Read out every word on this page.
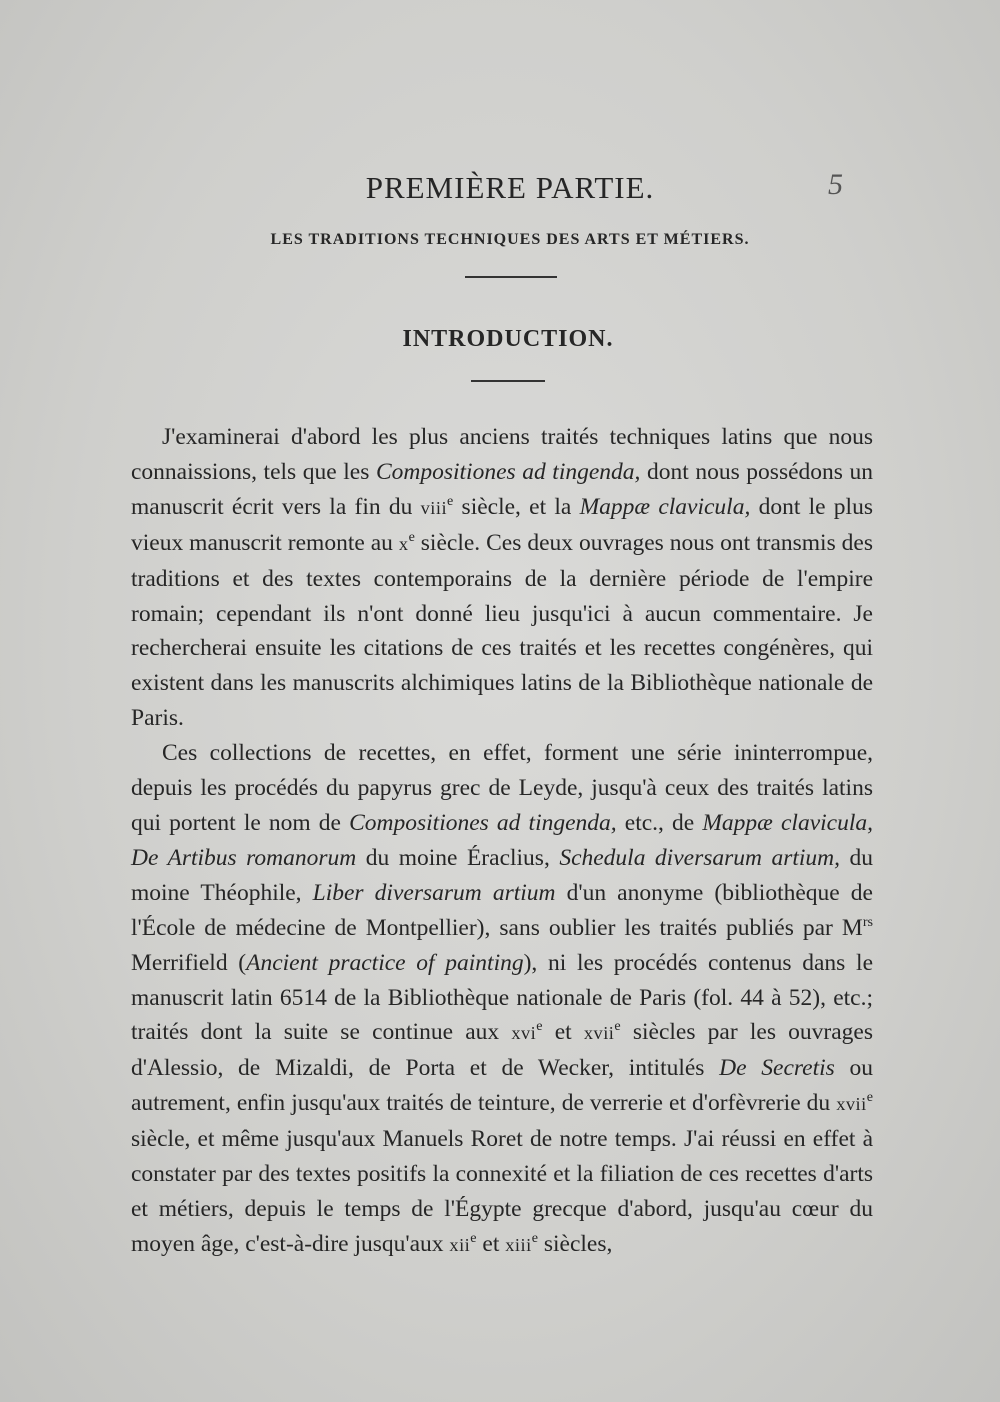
PREMIÈRE PARTIE.	5
LES TRADITIONS TECHNIQUES DES ARTS ET MÉTIERS.
INTRODUCTION.

J'examinerai d'abord les plus anciens traités techniques latins que nous connaissions, tels que les Compositiones ad tingenda, dont nous possédons un manuscrit écrit vers la fin du viii$^e$ siècle, et la Mappæ clavicula, dont le plus vieux manuscrit remonte au $x^e$ siècle. Ces deux ouvrages nous ont transmis des traditions et des textes contemporains de la dernière période de l'empire romain; cependant ils n'ont donné lieu jusqu'ici à aucun commentaire. Je rechercherai ensuite les citations de ces traités et les recettes congénères, qui existent dans les manuscrits alchimiques latins de la Bibliothèque nationale de Paris.

Ces collections de recettes, en effet, forment une série ininterrompue, depuis les procédés du papyrus grec de Leyde, jusqu'à ceux des traités latins qui portent le nom de Compositiones ad tingenda, etc., de Mappæ clavicula, De Artibus romanorum du moine Éraclius, Schedula diversarum artium, du moine Théophile, Liber diversarum artium d'un anonyme (bibliothèque de l'École de médecine de Montpellier), sans oublier les traités publiés par $M^{rs}$ Merrifield (Ancient practice of painting), ni les procédés contenus dans le manuscrit latin 6514 de la Bibliothèque nationale de Paris (fol. 44 à 52), etc.; traités dont la suite se continue aux xvi$^e$ et xvii$^e$ siècles par les ouvrages d'Alessio, de Mizaldi, de Porta et de Wecker, intitulés De Secretis ou autrement, enfin jusqu'aux traités de teinture, de verrerie et d'orfèvrerie du xvii$^e$ siècle, et même jusqu'aux Manuels Roret de notre temps. J'ai réussi en effet à constater par des textes positifs la connexité et la filiation de ces recettes d'arts et métiers, depuis le temps de l'Égypte grecque d'abord, jusqu'au cœur du moyen âge, c'est-à-dire jusqu'aux xii$^e$ et xiii$^e$ siècles,
